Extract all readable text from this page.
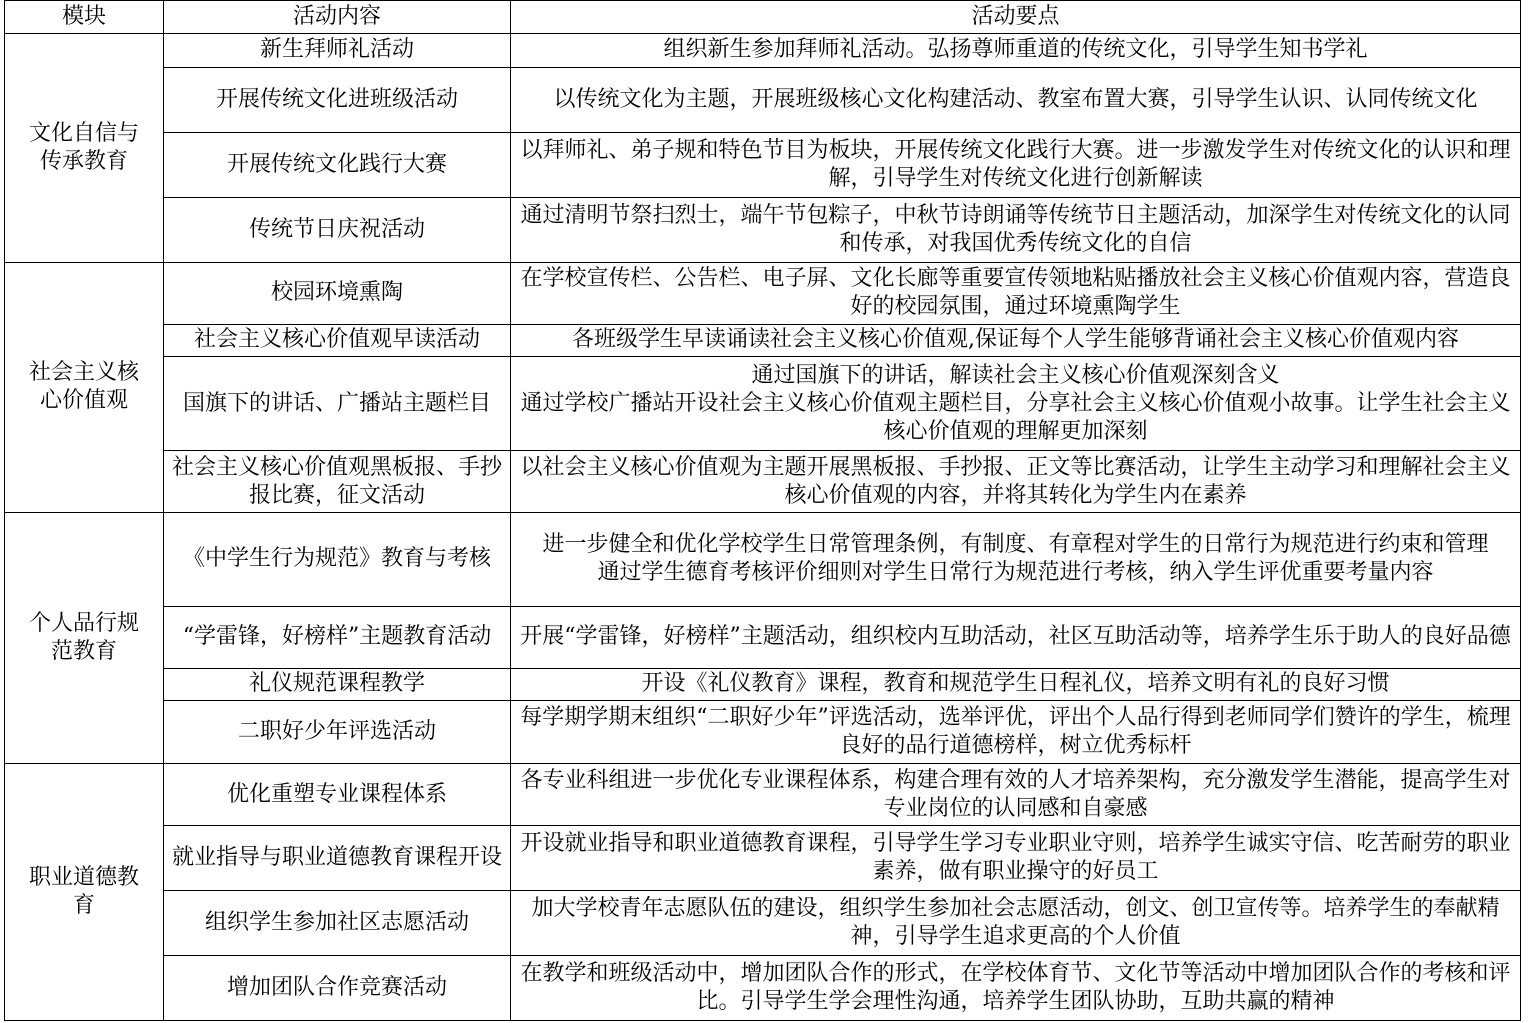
模块	活动内容	活动要点
文化自信与传承教育	新生拜师礼活动	组织新生参加拜师礼活动。弘扬尊师重道的传统文化，引导学生知书学礼

	开展传统文化进班级活动	以传统文化为主题，开展班级核心文化构建活动、教室布置大赛，引导学生认识、认同传统文化

	开展传统文化践行大赛	以拜师礼、弟子规和特色节目为板块，开展传统文化践行大赛。进一步激发学生对传统文化的认识和理解，引导学生对传统文化进行创新解读

	传统节日庆祝活动	通过清明节祭扫烈士，端午节包粽子，中秋节诗朗诵等传统节日主题活动，加深学生对传统文化的认同和传承，对我国优秀传统文化的自信

社会主义核心价值观	校园环境熏陶	在学校宣传栏、公告栏、电子屏、文化长廊等重要宣传领地粘贴播放社会主义核心价值观内容，营造良好的校园氛围，通过环境熏陶学生

	社会主义核心价值观早读活动	各班级学生早读诵读社会主义核心价值观,保证每个人学生能够背诵社会主义核心价值观内容

	国旗下的讲话、广播站主题栏目	通过国旗下的讲话，解读社会主义核心价值观深刻含义
通过学校广播站开设社会主义核心价值观主题栏目，分享社会主义核心价值观小故事。让学生社会主义核心价值观的理解更加深刻

	社会主义核心价值观黑板报、手抄报比赛，征文活动	以社会主义核心价值观为主题开展黑板报、手抄报、正文等比赛活动，让学生主动学习和理解社会主义核心价值观的内容，并将其转化为学生内在素养

个人品行规范教育	《中学生行为规范》教育与考核	进一步健全和优化学校学生日常管理条例，有制度、有章程对学生的日常行为规范进行约束和管理
通过学生德育考核评价细则对学生日常行为规范进行考核，纳入学生评优重要考量内容

	“学雷锋，好榜样”主题教育活动	开展“学雷锋，好榜样”主题活动，组织校内互助活动，社区互助活动等，培养学生乐于助人的良好品德

	礼仪规范课程教学	开设《礼仪教育》课程，教育和规范学生日程礼仪，培养文明有礼的良好习惯

	二职好少年评选活动	每学期学期末组织“二职好少年”评选活动，选举评优，评出个人品行得到老师同学们赞许的学生，梳理良好的品行道德榜样，树立优秀标杆

职业道德教育	优化重塑专业课程体系	各专业科组进一步优化专业课程体系，构建合理有效的人才培养架构，充分激发学生潜能，提高学生对专业岗位的认同感和自豪感

	就业指导与职业道德教育课程开设	开设就业指导和职业道德教育课程，引导学生学习专业职业守则，培养学生诚实守信、吃苦耐劳的职业素养，做有职业操守的好员工

	组织学生参加社区志愿活动	加大学校青年志愿队伍的建设，组织学生参加社会志愿活动，创文、创卫宣传等。培养学生的奉献精神，引导学生追求更高的个人价值

	增加团队合作竞赛活动	在教学和班级活动中，增加团队合作的形式，在学校体育节、文化节等活动中增加团队合作的考核和评比。引导学生学会理性沟通，培养学生团队协助，互助共赢的精神
